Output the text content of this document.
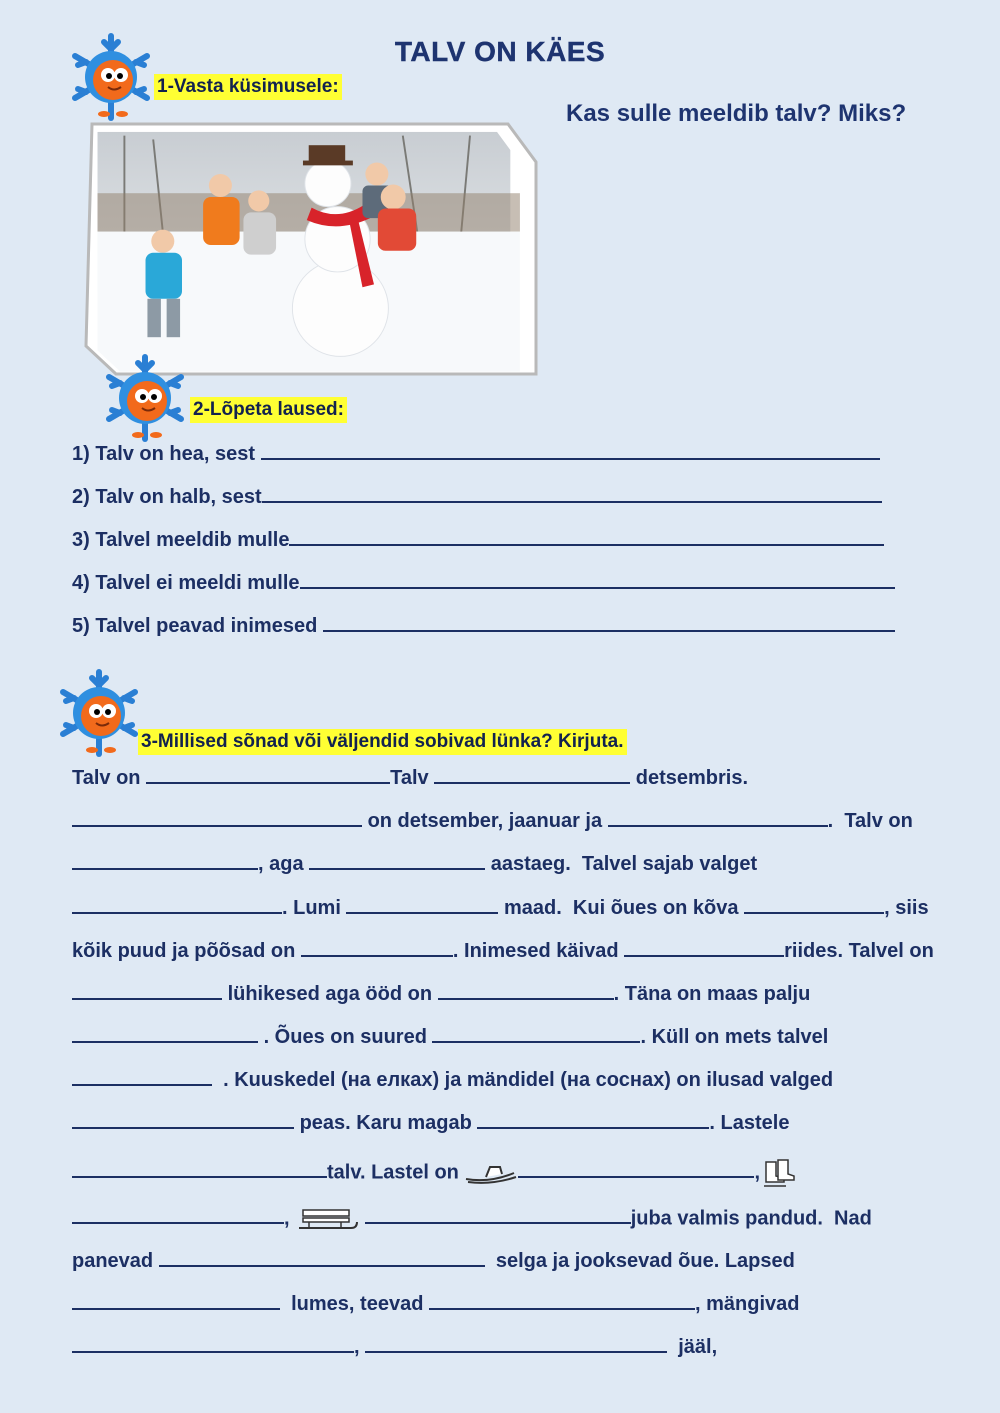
TALV ON KÄES
1-Vasta küsimusele:
Kas sulle meeldib talv? Miks?
2-Lõpeta laused:
1) Talv on hea, sest
2) Talv on halb, sest
3) Talvel meeldib mulle
4) Talvel ei meeldi mulle
5) Talvel peavad inimesed
3-Millised sõnad või väljendid sobivad lünka? Kirjuta.
Talv on	Talv	detsembris.
on detsember, jaanuar ja	.  Talv on
, aga	aastaeg.  Talvel sajab valget
. Lumi	maad.  Kui õues on kõva	, siis
kõik puud ja põõsad on	. Inimesed käivad	riides. Talvel on
lühikesed aga ööd on	. Täna on maas palju
. Õues on suured	. Küll on mets talvel
. Kuuskedel (на елках) ja mändidel (на соснах) on ilusad valged
peas. Karu magab	. Lastele
talv. Lastel on	,
,	juba valmis pandud.  Nad
panevad	selga ja jooksevad õue. Lapsed
lumes, teevad	, mängivad
,	jääl,
